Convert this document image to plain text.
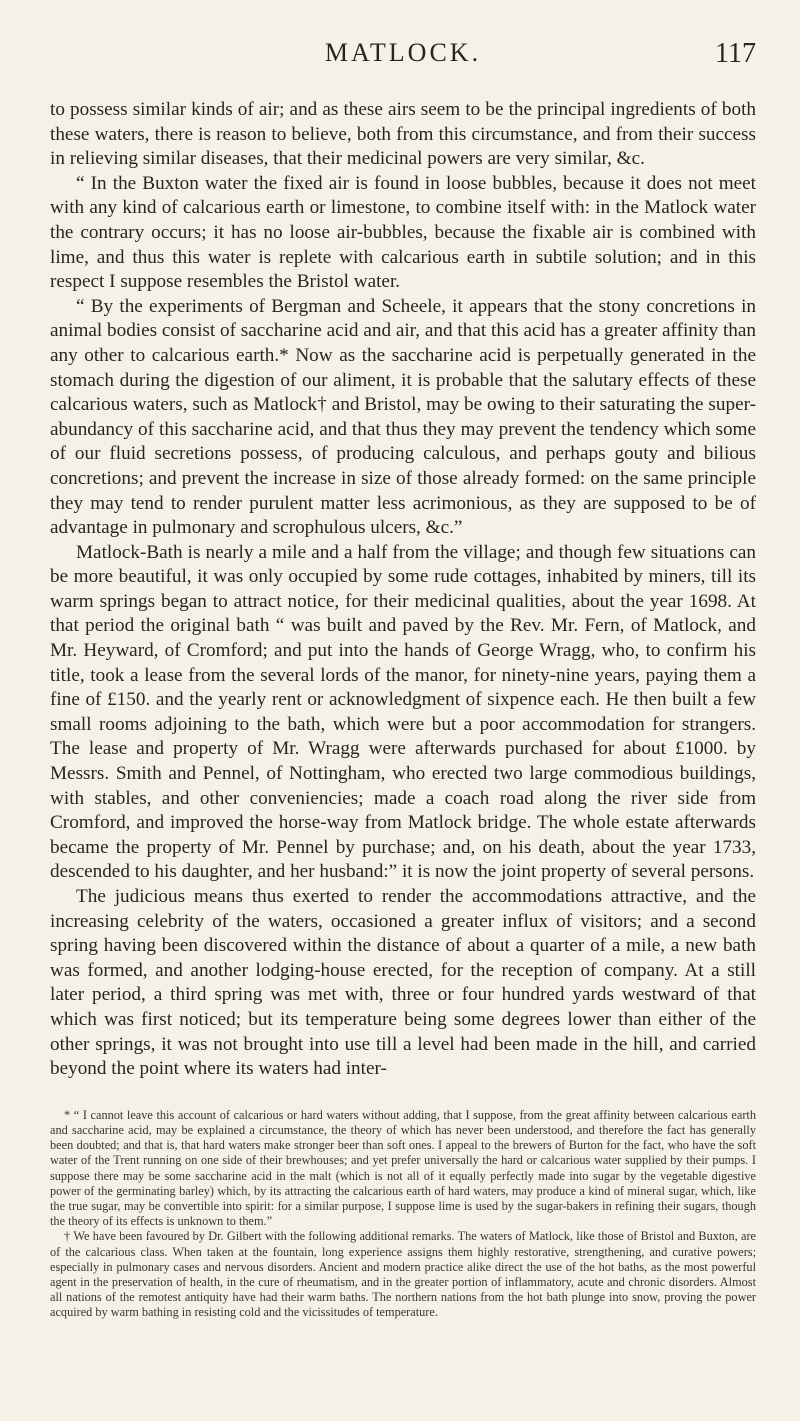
MATLOCK.	117

to possess similar kinds of air; and as these airs seem to be the principal ingredients of both these waters, there is reason to believe, both from this circumstance, and from their success in relieving similar diseases, that their medicinal powers are very similar, &c.

“ In the Buxton water the fixed air is found in loose bubbles, because it does not meet with any kind of calcarious earth or limestone, to combine itself with: in the Matlock water the contrary occurs; it has no loose air-bubbles, because the fixable air is combined with lime, and thus this water is replete with calcarious earth in subtile solution; and in this respect I suppose resembles the Bristol water.

“ By the experiments of Bergman and Scheele, it appears that the stony concretions in animal bodies consist of saccharine acid and air, and that this acid has a greater affinity than any other to calcarious earth.* Now as the saccharine acid is perpetually generated in the stomach during the digestion of our aliment, it is probable that the salutary effects of these calcarious waters, such as Matlock† and Bristol, may be owing to their saturating the super-abundancy of this saccharine acid, and that thus they may prevent the tendency which some of our fluid secretions possess, of producing calculous, and perhaps gouty and bilious concretions; and prevent the increase in size of those already formed: on the same principle they may tend to render purulent matter less acrimonious, as they are supposed to be of advantage in pulmonary and scrophulous ulcers, &c.”

Matlock-Bath is nearly a mile and a half from the village; and though few situations can be more beautiful, it was only occupied by some rude cottages, inhabited by miners, till its warm springs began to attract notice, for their medicinal qualities, about the year 1698. At that period the original bath “ was built and paved by the Rev. Mr. Fern, of Matlock, and Mr. Heyward, of Cromford; and put into the hands of George Wragg, who, to confirm his title, took a lease from the several lords of the manor, for ninety-nine years, paying them a fine of £150. and the yearly rent or acknowledgment of sixpence each. He then built a few small rooms adjoining to the bath, which were but a poor accommodation for strangers. The lease and property of Mr. Wragg were afterwards purchased for about £1000. by Messrs. Smith and Pennel, of Nottingham, who erected two large commodious buildings, with stables, and other conveniencies; made a coach road along the river side from Cromford, and improved the horse-way from Matlock bridge. The whole estate afterwards became the property of Mr. Pennel by purchase; and, on his death, about the year 1733, descended to his daughter, and her husband:” it is now the joint property of several persons.

The judicious means thus exerted to render the accommodations attractive, and the increasing celebrity of the waters, occasioned a greater influx of visitors; and a second spring having been discovered within the distance of about a quarter of a mile, a new bath was formed, and another lodging-house erected, for the reception of company. At a still later period, a third spring was met with, three or four hundred yards westward of that which was first noticed; but its temperature being some degrees lower than either of the other springs, it was not brought into use till a level had been made in the hill, and carried beyond the point where its waters had inter-

* “ I cannot leave this account of calcarious or hard waters without adding, that I suppose, from the great affinity between calcarious earth and saccharine acid, may be explained a circumstance, the theory of which has never been understood, and therefore the fact has generally been doubted; and that is, that hard waters make stronger beer than soft ones. I appeal to the brewers of Burton for the fact, who have the soft water of the Trent running on one side of their brewhouses; and yet prefer universally the hard or calcarious water supplied by their pumps. I suppose there may be some saccharine acid in the malt (which is not all of it equally perfectly made into sugar by the vegetable digestive power of the germinating barley) which, by its attracting the calcarious earth of hard waters, may produce a kind of mineral sugar, which, like the true sugar, may be convertible into spirit: for a similar purpose, I suppose lime is used by the sugar-bakers in refining their sugars, though the theory of its effects is unknown to them.”

† We have been favoured by Dr. Gilbert with the following additional remarks. The waters of Matlock, like those of Bristol and Buxton, are of the calcarious class. When taken at the fountain, long experience assigns them highly restorative, strengthening, and curative powers; especially in pulmonary cases and nervous disorders. Ancient and modern practice alike direct the use of the hot baths, as the most powerful agent in the preservation of health, in the cure of rheumatism, and in the greater portion of inflammatory, acute and chronic disorders. Almost all nations of the remotest antiquity have had their warm baths. The northern nations from the hot bath plunge into snow, proving the power acquired by warm bathing in resisting cold and the vicissitudes of temperature.
